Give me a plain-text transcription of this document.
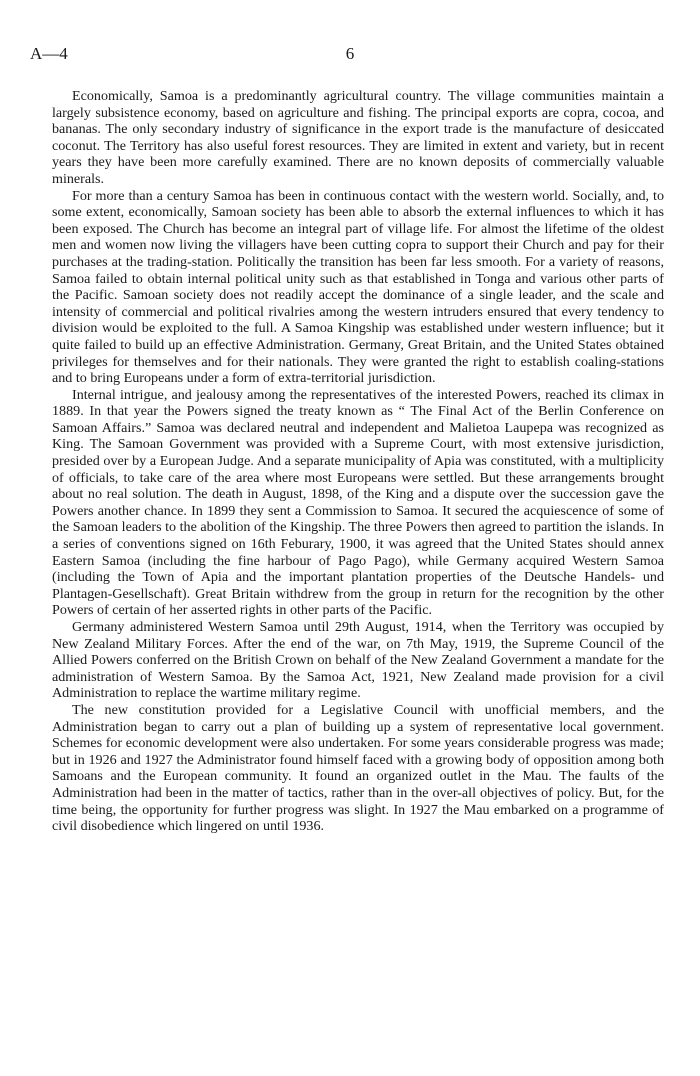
A—4	6

Economically, Samoa is a predominantly agricultural country. The village communities maintain a largely subsistence economy, based on agriculture and fishing. The principal exports are copra, cocoa, and bananas. The only secondary industry of significance in the export trade is the manufacture of desiccated coconut. The Territory has also useful forest resources. They are limited in extent and variety, but in recent years they have been more carefully examined. There are no known deposits of commercially valuable minerals.

For more than a century Samoa has been in continuous contact with the western world. Socially, and, to some extent, economically, Samoan society has been able to absorb the external influences to which it has been exposed. The Church has become an integral part of village life. For almost the lifetime of the oldest men and women now living the villagers have been cutting copra to support their Church and pay for their purchases at the trading-station. Politically the transition has been far less smooth. For a variety of reasons, Samoa failed to obtain internal political unity such as that established in Tonga and various other parts of the Pacific. Samoan society does not readily accept the dominance of a single leader, and the scale and intensity of commercial and political rivalries among the western intruders ensured that every tendency to division would be exploited to the full. A Samoa Kingship was established under western influence; but it quite failed to build up an effective Administration. Germany, Great Britain, and the United States obtained privileges for themselves and for their nationals. They were granted the right to establish coaling-stations and to bring Europeans under a form of extra-territorial jurisdiction.

Internal intrigue, and jealousy among the representatives of the interested Powers, reached its climax in 1889. In that year the Powers signed the treaty known as “ The Final Act of the Berlin Conference on Samoan Affairs.” Samoa was declared neutral and independent and Malietoa Laupepa was recognized as King. The Samoan Government was provided with a Supreme Court, with most extensive jurisdiction, presided over by a European Judge. And a separate municipality of Apia was constituted, with a multiplicity of officials, to take care of the area where most Europeans were settled. But these arrangements brought about no real solution. The death in August, 1898, of the King and a dispute over the succession gave the Powers another chance. In 1899 they sent a Commission to Samoa. It secured the acquiescence of some of the Samoan leaders to the abolition of the Kingship. The three Powers then agreed to partition the islands. In a series of conventions signed on 16th Feburary, 1900, it was agreed that the United States should annex Eastern Samoa (including the fine harbour of Pago Pago), while Germany acquired Western Samoa (including the Town of Apia and the important plantation properties of the Deutsche Handels- und Plantagen-Gesellschaft). Great Britain withdrew from the group in return for the recognition by the other Powers of certain of her asserted rights in other parts of the Pacific.

Germany administered Western Samoa until 29th August, 1914, when the Territory was occupied by New Zealand Military Forces. After the end of the war, on 7th May, 1919, the Supreme Council of the Allied Powers conferred on the British Crown on behalf of the New Zealand Government a mandate for the administration of Western Samoa. By the Samoa Act, 1921, New Zealand made provision for a civil Administration to replace the wartime military regime.

The new constitution provided for a Legislative Council with unofficial members, and the Administration began to carry out a plan of building up a system of representative local government. Schemes for economic development were also undertaken. For some years considerable progress was made; but in 1926 and 1927 the Administrator found himself faced with a growing body of opposition among both Samoans and the European community. It found an organized outlet in the Mau. The faults of the Administration had been in the matter of tactics, rather than in the over-all objectives of policy. But, for the time being, the opportunity for further progress was slight. In 1927 the Mau embarked on a programme of civil disobedience which lingered on until 1936.
